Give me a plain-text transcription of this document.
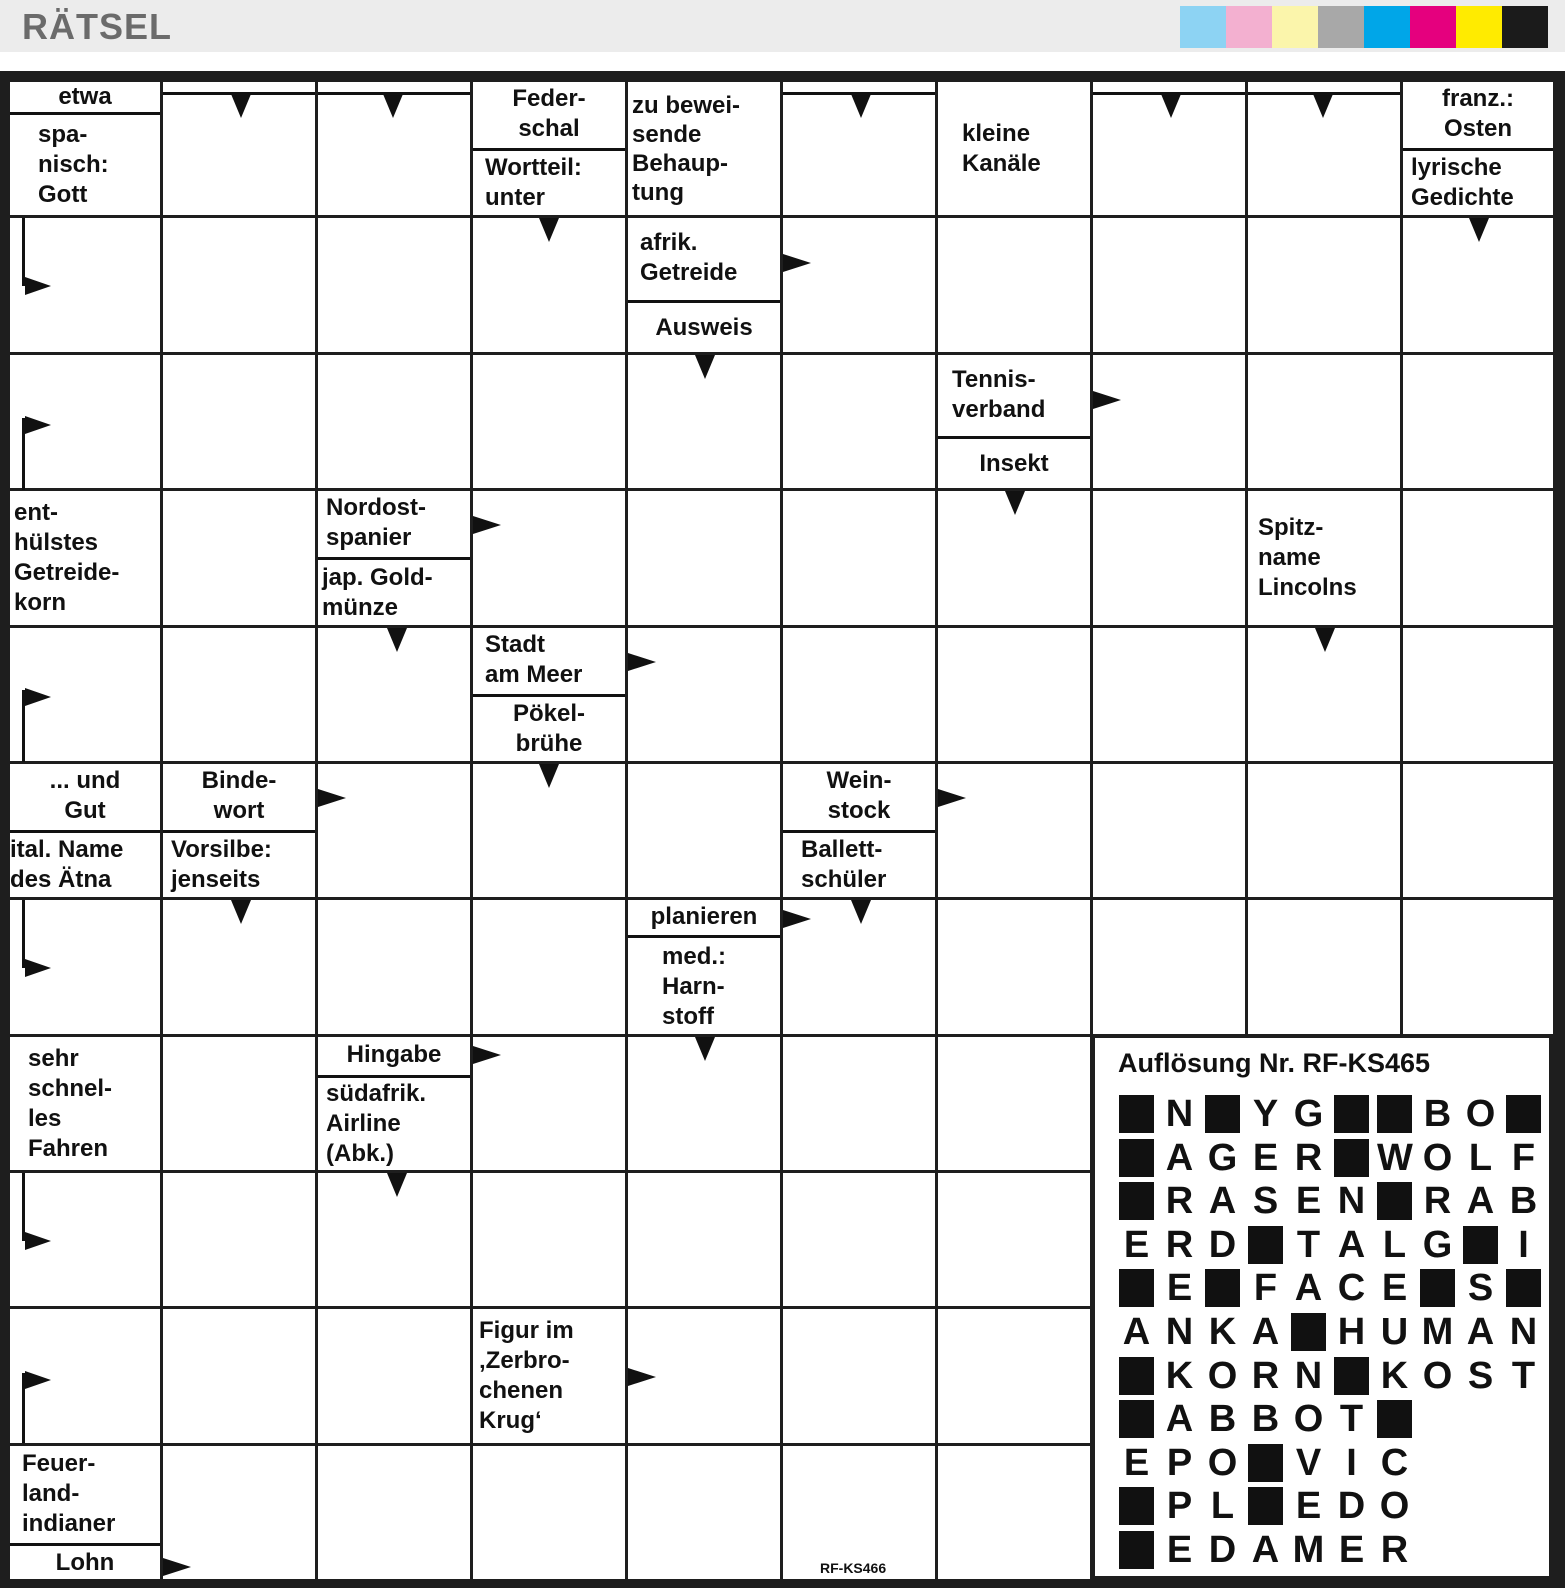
RÄTSEL
etwa
spa-
nisch:
Gott
Feder-
schal
Wortteil:
unter
zu bewei-
sende
Behaup-
tung
kleine
Kanäle
franz.:
Osten
lyrische
Gedichte
afrik.
Getreide
Ausweis
Tennis-
verband
Insekt
ent-
hülstes
Getreide-
korn
Nordost-
spanier
jap. Gold-
münze
Spitz-
name
Lincolns
Stadt
am Meer
Pökel-
brühe
... und
Gut
ital. Name
des Ätna
Binde-
wort
Vorsilbe:
jenseits
Wein-
stock
Ballett-
schüler
planieren
med.:
Harn-
stoff
sehr
schnel-
les
Fahren
Hingabe
südafrik.
Airline
(Abk.)
Figur im
‚Zerbro-
chenen
Krug‘
Feuer-
land-
indianer
Lohn
Auflösung Nr. RF-KS465
N Y G	B O
A G E R W O L F
R A S E N R A B
E R D T A L G	I
E F A C E S
A N K A H U M A N
K O R N K O S T
A B B O T
E P O V I C
P L E D O
E D A M E R
RF-KS466
